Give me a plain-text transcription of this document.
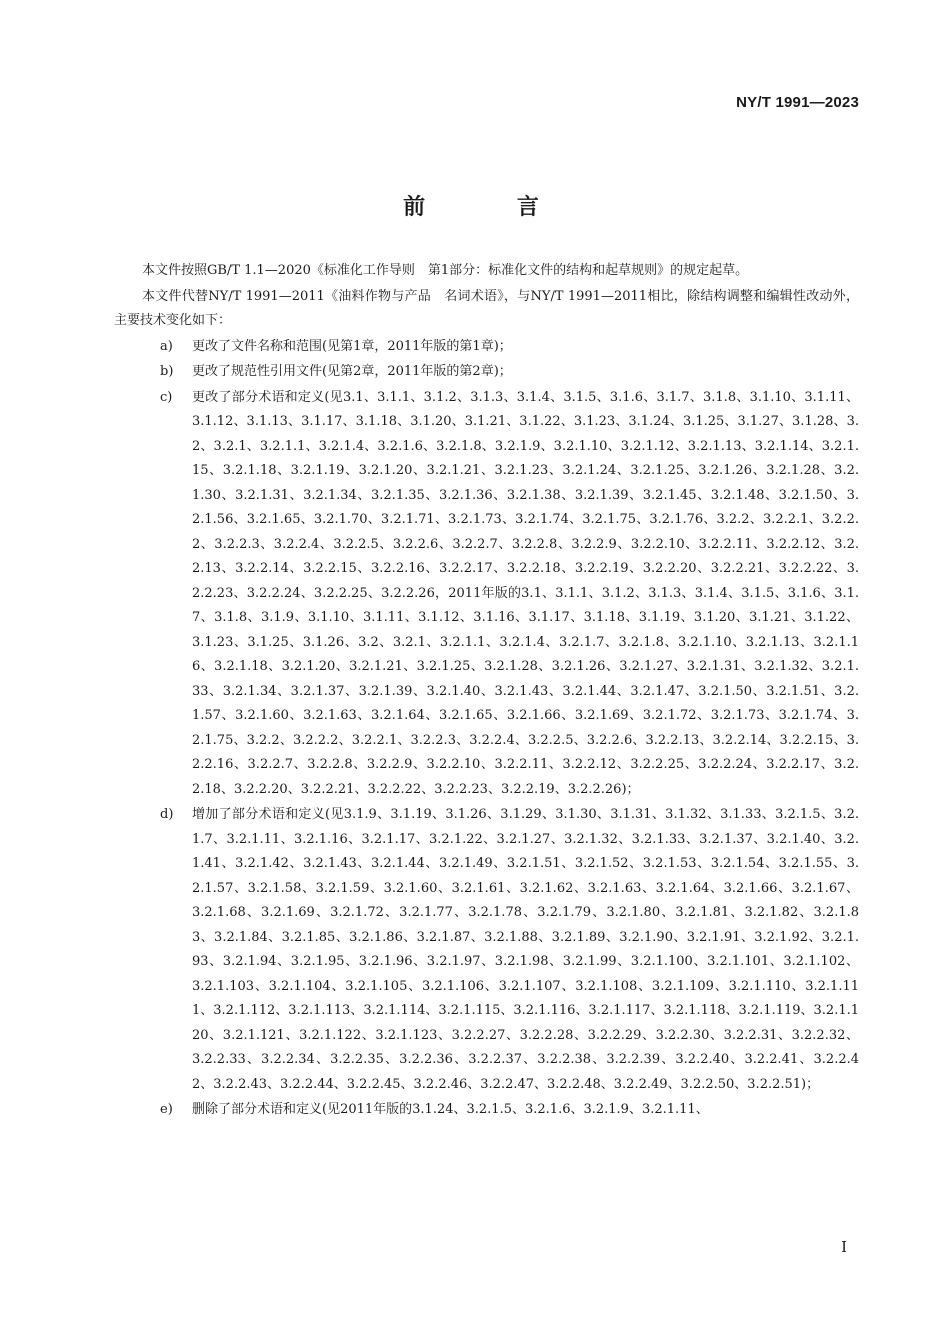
NY/T 1991—2023
前 言

本文件按照GB/T 1.1—2020《标准化工作导则　第1部分：标准化文件的结构和起草规则》的规定起草。

本文件代替NY/T 1991—2011《油料作物与产品　名词术语》，与NY/T 1991—2011相比，除结构调整和编辑性改动外，主要技术变化如下：

a) 更改了文件名称和范围(见第1章，2011年版的第1章)；
b) 更改了规范性引用文件(见第2章，2011年版的第2章)；
c) 更改了部分术语和定义(见3.1、3.1.1、3.1.2、3.1.3、3.1.4、3.1.5、3.1.6、3.1.7、3.1.8、3.1.10、3.1.11、3.1.12、3.1.13、3.1.17、3.1.18、3.1.20、3.1.21、3.1.22、3.1.23、3.1.24、3.1.25、3.1.27、3.1.28、3.2、3.2.1、3.2.1.1、3.2.1.4、3.2.1.6、3.2.1.8、3.2.1.9、3.2.1.10、3.2.1.12、3.2.1.13、3.2.1.14、3.2.1.15、3.2.1.18、3.2.1.19、3.2.1.20、3.2.1.21、3.2.1.23、3.2.1.24、3.2.1.25、3.2.1.26、3.2.1.28、3.2.1.30、3.2.1.31、3.2.1.34、3.2.1.35、3.2.1.36、3.2.1.38、3.2.1.39、3.2.1.45、3.2.1.48、3.2.1.50、3.2.1.56、3.2.1.65、3.2.1.70、3.2.1.71、3.2.1.73、3.2.1.74、3.2.1.75、3.2.1.76、3.2.2、3.2.2.1、3.2.2.2、3.2.2.3、3.2.2.4、3.2.2.5、3.2.2.6、3.2.2.7、3.2.2.8、3.2.2.9、3.2.2.10、3.2.2.11、3.2.2.12、3.2.2.13、3.2.2.14、3.2.2.15、3.2.2.16、3.2.2.17、3.2.2.18、3.2.2.19、3.2.2.20、3.2.2.21、3.2.2.22、3.2.2.23、3.2.2.24、3.2.2.25、3.2.2.26，2011年版的3.1、3.1.1、3.1.2、3.1.3、3.1.4、3.1.5、3.1.6、3.1.7、3.1.8、3.1.9、3.1.10、3.1.11、3.1.12、3.1.16、3.1.17、3.1.18、3.1.19、3.1.20、3.1.21、3.1.22、3.1.23、3.1.25、3.1.26、3.2、3.2.1、3.2.1.1、3.2.1.4、3.2.1.7、3.2.1.8、3.2.1.10、3.2.1.13、3.2.1.16、3.2.1.18、3.2.1.20、3.2.1.21、3.2.1.25、3.2.1.28、3.2.1.26、3.2.1.27、3.2.1.31、3.2.1.32、3.2.1.33、3.2.1.34、3.2.1.37、3.2.1.39、3.2.1.40、3.2.1.43、3.2.1.44、3.2.1.47、3.2.1.50、3.2.1.51、3.2.1.57、3.2.1.60、3.2.1.63、3.2.1.64、3.2.1.65、3.2.1.66、3.2.1.69、3.2.1.72、3.2.1.73、3.2.1.74、3.2.1.75、3.2.2、3.2.2.2、3.2.2.1、3.2.2.3、3.2.2.4、3.2.2.5、3.2.2.6、3.2.2.13、3.2.2.14、3.2.2.15、3.2.2.16、3.2.2.7、3.2.2.8、3.2.2.9、3.2.2.10、3.2.2.11、3.2.2.12、3.2.2.25、3.2.2.24、3.2.2.17、3.2.2.18、3.2.2.20、3.2.2.21、3.2.2.22、3.2.2.23、3.2.2.19、3.2.2.26)；
d) 增加了部分术语和定义(见3.1.9、3.1.19、3.1.26、3.1.29、3.1.30、3.1.31、3.1.32、3.1.33、3.2.1.5、3.2.1.7、3.2.1.11、3.2.1.16、3.2.1.17、3.2.1.22、3.2.1.27、3.2.1.32、3.2.1.33、3.2.1.37、3.2.1.40、3.2.1.41、3.2.1.42、3.2.1.43、3.2.1.44、3.2.1.49、3.2.1.51、3.2.1.52、3.2.1.53、3.2.1.54、3.2.1.55、3.2.1.57、3.2.1.58、3.2.1.59、3.2.1.60、3.2.1.61、3.2.1.62、3.2.1.63、3.2.1.64、3.2.1.66、3.2.1.67、3.2.1.68、3.2.1.69、3.2.1.72、3.2.1.77、3.2.1.78、3.2.1.79、3.2.1.80、3.2.1.81、3.2.1.82、3.2.1.83、3.2.1.84、3.2.1.85、3.2.1.86、3.2.1.87、3.2.1.88、3.2.1.89、3.2.1.90、3.2.1.91、3.2.1.92、3.2.1.93、3.2.1.94、3.2.1.95、3.2.1.96、3.2.1.97、3.2.1.98、3.2.1.99、3.2.1.100、3.2.1.101、3.2.1.102、3.2.1.103、3.2.1.104、3.2.1.105、3.2.1.106、3.2.1.107、3.2.1.108、3.2.1.109、3.2.1.110、3.2.1.111、3.2.1.112、3.2.1.113、3.2.1.114、3.2.1.115、3.2.1.116、3.2.1.117、3.2.1.118、3.2.1.119、3.2.1.120、3.2.1.121、3.2.1.122、3.2.1.123、3.2.2.27、3.2.2.28、3.2.2.29、3.2.2.30、3.2.2.31、3.2.2.32、3.2.2.33、3.2.2.34、3.2.2.35、3.2.2.36、3.2.2.37、3.2.2.38、3.2.2.39、3.2.2.40、3.2.2.41、3.2.2.42、3.2.2.43、3.2.2.44、3.2.2.45、3.2.2.46、3.2.2.47、3.2.2.48、3.2.2.49、3.2.2.50、3.2.2.51)；
e) 删除了部分术语和定义(见2011年版的3.1.24、3.2.1.5、3.2.1.6、3.2.1.9、3.2.1.11、
I
